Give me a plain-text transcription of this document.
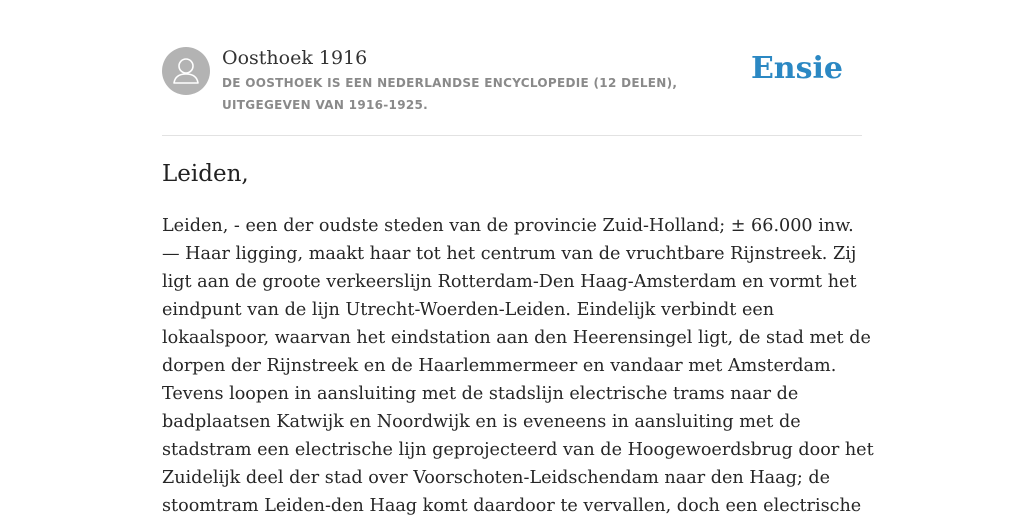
Oosthoek 1916

DE OOSTHOEK IS EEN NEDERLANDSE ENCYCLOPEDIE (12 DELEN), UITGEGEVEN VAN 1916-1925.

Ensie
Leiden,

Leiden, - een der oudste steden van de provincie Zuid-Holland; ± 66.000 inw. — Haar ligging, maakt haar tot het centrum van de vruchtbare Rijnstreek. Zij ligt aan de groote verkeerslijn Rotterdam-Den Haag-Amsterdam en vormt het eindpunt van de lijn Utrecht-Woerden-Leiden. Eindelijk verbindt een lokaalspoor, waarvan het eindstation aan den Heerensingel ligt, de stad met de dorpen der Rijnstreek en de Haarlemmermeer en vandaar met Amsterdam. Tevens loopen in aansluiting met de stadslijn electrische trams naar de badplaatsen Katwijk en Noordwijk en is eveneens in aansluiting met de stadstram een electrische lijn geprojecteerd van de Hoogewoerdsbrug door het Zuidelijk deel der stad over Voorschoten-Leidschendam naar den Haag; de stoomtram Leiden-den Haag komt daardoor te vervallen, doch een electrische
